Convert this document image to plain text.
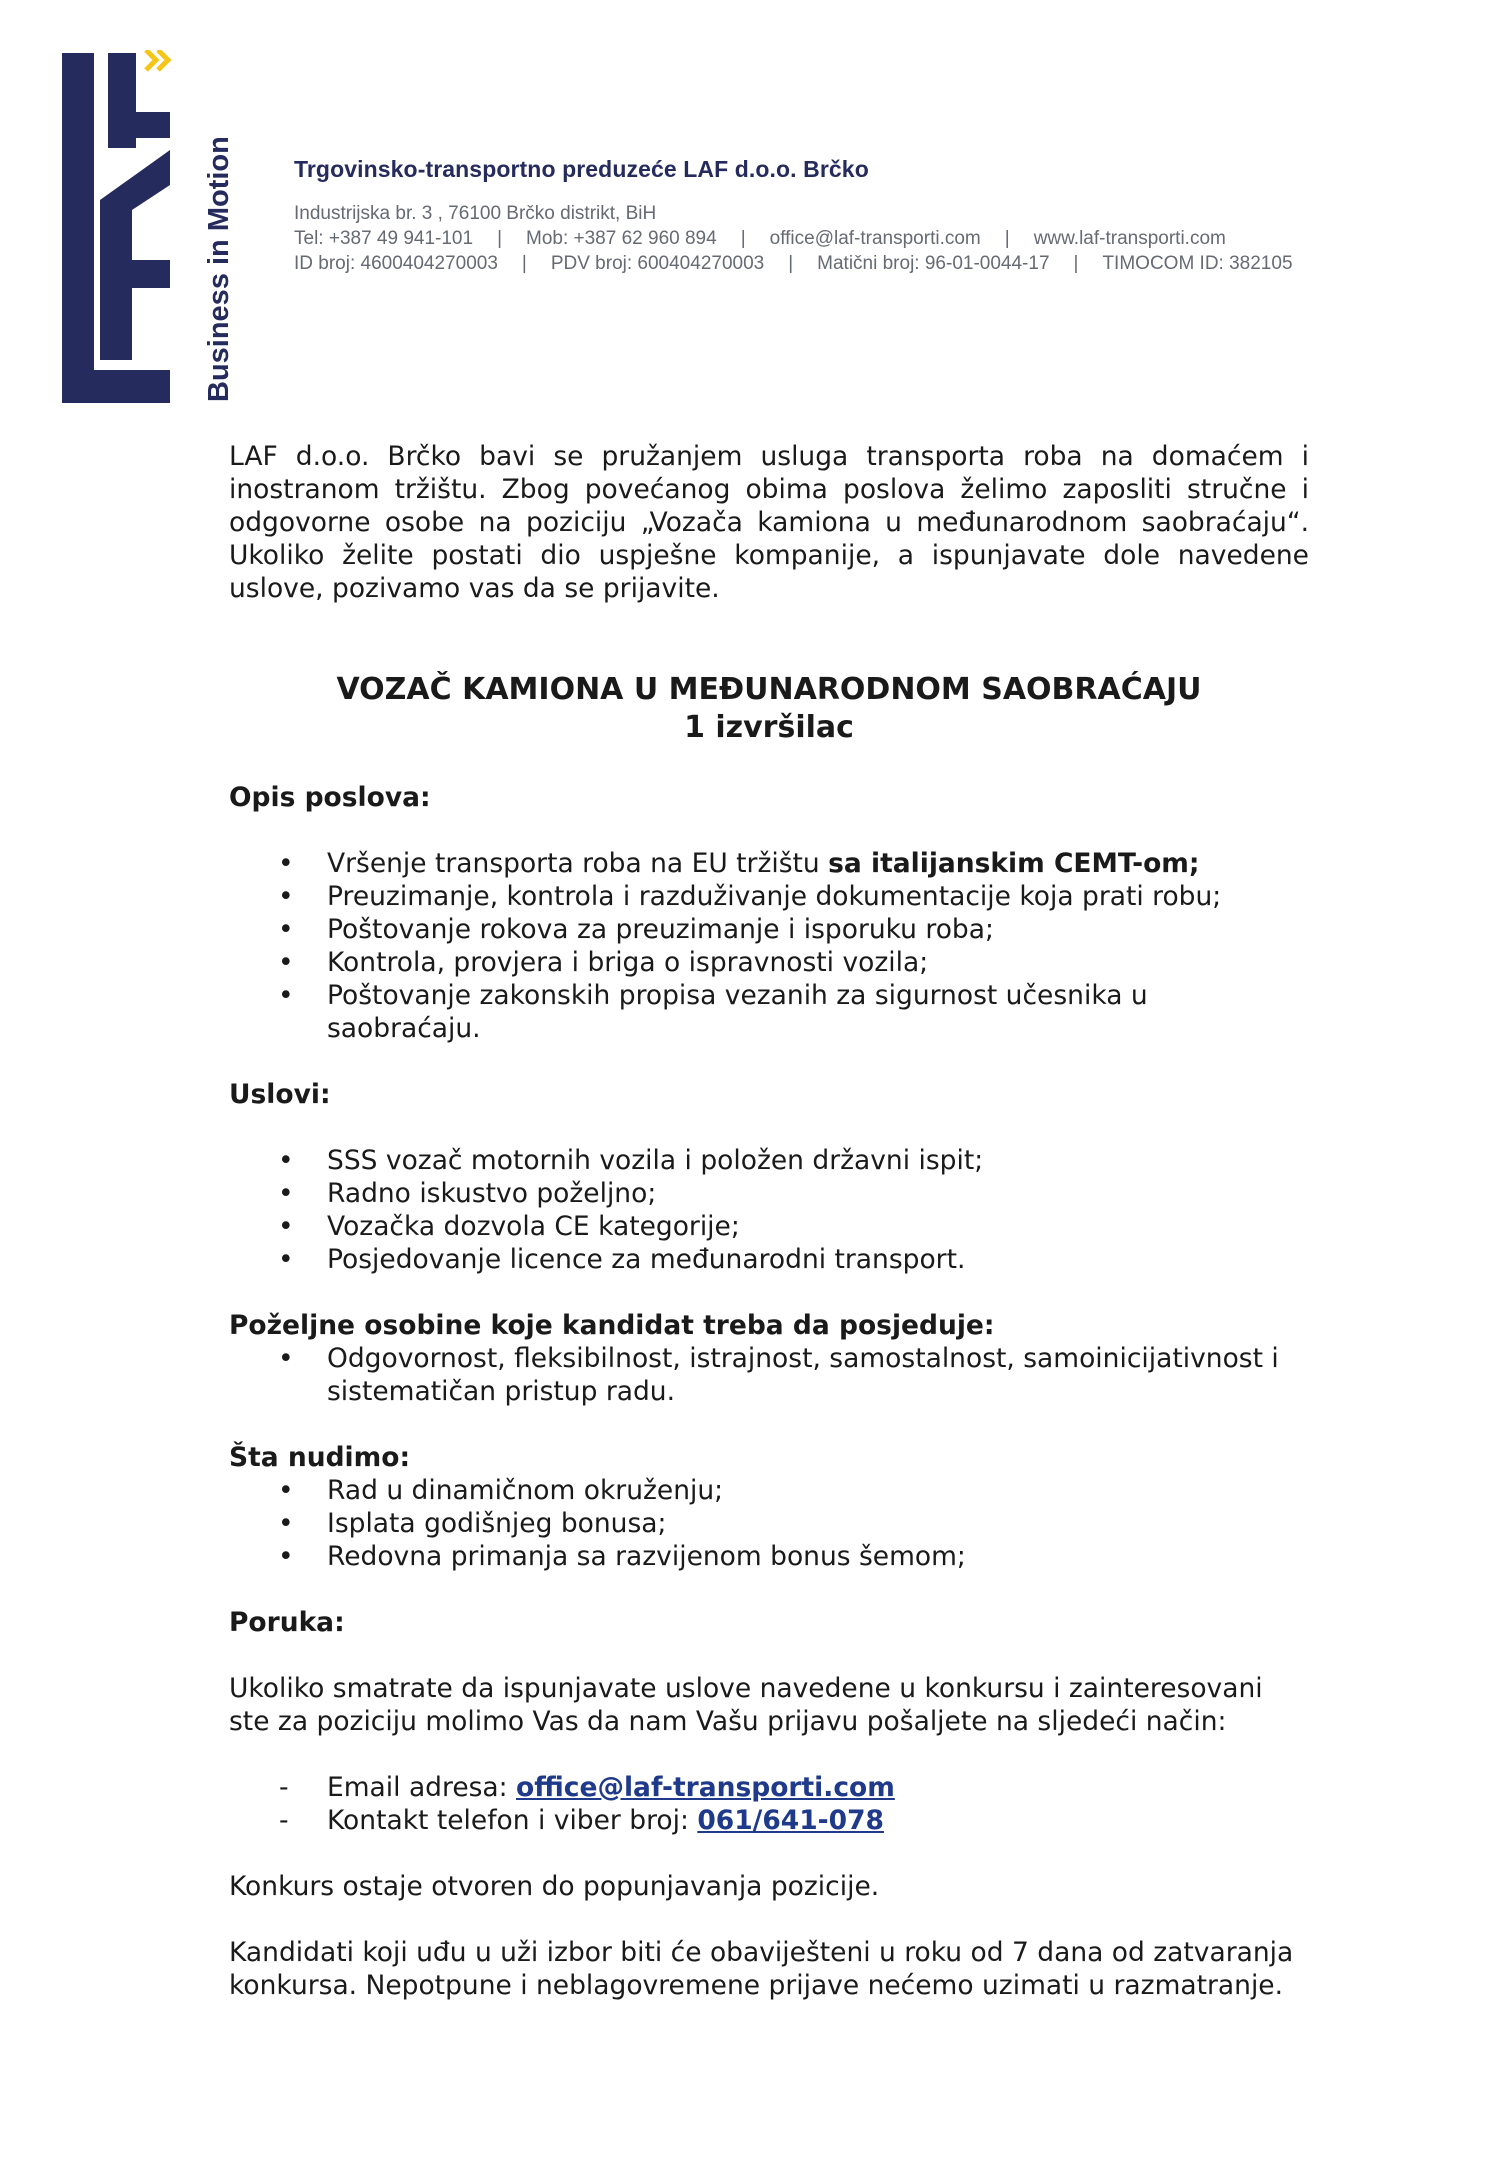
Business in Motion	Trgovinsko-transportno preduzeće LAF d.o.o. Brčko
Industrijska br. 3 , 76100 Brčko distrikt, BiH
Tel: +387 49 941-101 | Mob: +387 62 960 894 | office@laf-transporti.com | www.laf-transporti.com
ID broj: 4600404270003 | PDV broj: 600404270003 | Matični broj: 96-01-0044-17 | TIMOCOM ID: 382105

LAF d.o.o. Brčko bavi se pružanjem usluga transporta roba na domaćem i inostranom tržištu. Zbog povećanog obima poslova želimo zaposliti stručne i odgovorne osobe na poziciju „Vozača kamiona u međunarodnom saobraćaju“. Ukoliko želite postati dio uspješne kompanije, a ispunjavate dole navedene uslove, pozivamo vas da se prijavite.

VOZAČ KAMIONA U MEĐUNARODNOM SAOBRAĆAJU
1 izvršilac
Opis poslova:
• Vršenje transporta roba na EU tržištu sa italijanskim CEMT-om;
• Preuzimanje, kontrola i razduživanje dokumentacije koja prati robu;
• Poštovanje rokova za preuzimanje i isporuku roba;
• Kontrola, provjera i briga o ispravnosti vozila;
• Poštovanje zakonskih propisa vezanih za sigurnost učesnika u saobraćaju.
Uslovi:
• SSS vozač motornih vozila i položen državni ispit;
• Radno iskustvo poželjno;
• Vozačka dozvola CE kategorije;
• Posjedovanje licence za međunarodni transport.
Poželjne osobine koje kandidat treba da posjeduje:
• Odgovornost, fleksibilnost, istrajnost, samostalnost, samoinicijativnost i sistematičan pristup radu.
Šta nudimo:
• Rad u dinamičnom okruženju;
• Isplata godišnjeg bonusa;
• Redovna primanja sa razvijenom bonus šemom;
Poruka:

Ukoliko smatrate da ispunjavate uslove navedene u konkursu i zainteresovani ste za poziciju molimo Vas da nam Vašu prijavu pošaljete na sljedeći način:

- Email adresa: office@laf-transporti.com
- Kontakt telefon i viber broj: 061/641-078

Konkurs ostaje otvoren do popunjavanja pozicije.

Kandidati koji uđu u uži izbor biti će obaviješteni u roku od 7 dana od zatvaranja konkursa. Nepotpune i neblagovremene prijave nećemo uzimati u razmatranje.
